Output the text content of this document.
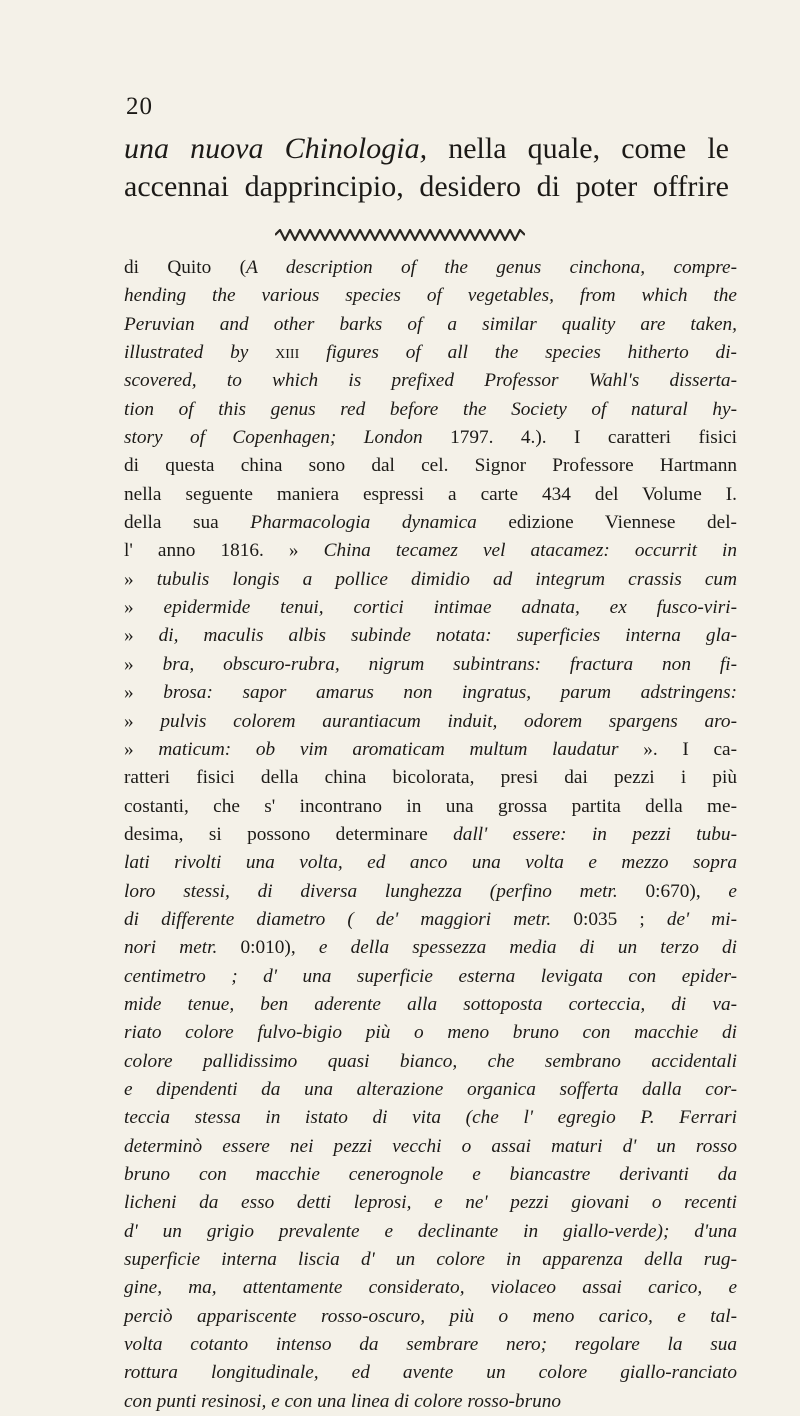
20
una nuova Chinologia, nella quale, come le
accennai dapprincipio, desidero di poter offrire
di Quito (A description of the genus cinchona, compre-
hending the various species of vegetables, from which the
Peruvian and other barks of a similar quality are taken,
illustrated by xiii figures of all the species hitherto di-
scovered, to which is prefixed Professor Wahl's disserta-
tion of this genus red before the Society of natural hy-
story of Copenhagen; London 1797. 4.). I caratteri fisici
di questa china sono dal cel. Signor Professore Hartmann
nella seguente maniera espressi a carte 434 del Volume I.
della sua Pharmacologia dynamica edizione Viennese del-
l' anno 1816. » China tecamez vel atacamez: occurrit in
» tubulis longis a pollice dimidio ad integrum crassis cum
» epidermide tenui, cortici intimae adnata, ex fusco-viri-
» di, maculis albis subinde notata: superficies interna gla-
» bra, obscuro-rubra, nigrum subintrans: fractura non fi-
» brosa: sapor amarus non ingratus, parum adstringens:
» pulvis colorem aurantiacum induit, odorem spargens aro-
» maticum: ob vim aromaticam multum laudatur ». I ca-
ratteri fisici della china bicolorata, presi dai pezzi i più
costanti, che s' incontrano in una grossa partita della me-
desima, si possono determinare dall' essere: in pezzi tubu-
lati rivolti una volta, ed anco una volta e mezzo sopra
loro stessi, di diversa lunghezza (perfino metr. 0:670), e
di differente diametro ( de' maggiori metr. 0:035 ; de' mi-
nori metr. 0:010), e della spessezza media di un terzo di
centimetro ; d' una superficie esterna levigata con epider-
mide tenue, ben aderente alla sottoposta corteccia, di va-
riato colore fulvo-bigio più o meno bruno con macchie di
colore pallidissimo quasi bianco, che sembrano accidentali
e dipendenti da una alterazione organica sofferta dalla cor-
teccia stessa in istato di vita (che l' egregio P. Ferrari
determinò essere nei pezzi vecchi o assai maturi d' un rosso
bruno con macchie cenerognole e biancastre derivanti da
licheni da esso detti leprosi, e ne' pezzi giovani o recenti
d' un grigio prevalente e declinante in giallo-verde); d'una
superficie interna liscia d' un colore in apparenza della rug-
gine, ma, attentamente considerato, violaceo assai carico, e
perciò appariscente rosso-oscuro, più o meno carico, e tal-
volta cotanto intenso da sembrare nero; regolare la sua
rottura longitudinale, ed avente un colore giallo-ranciato
con punti resinosi, e con una linea di colore rosso-bruno
